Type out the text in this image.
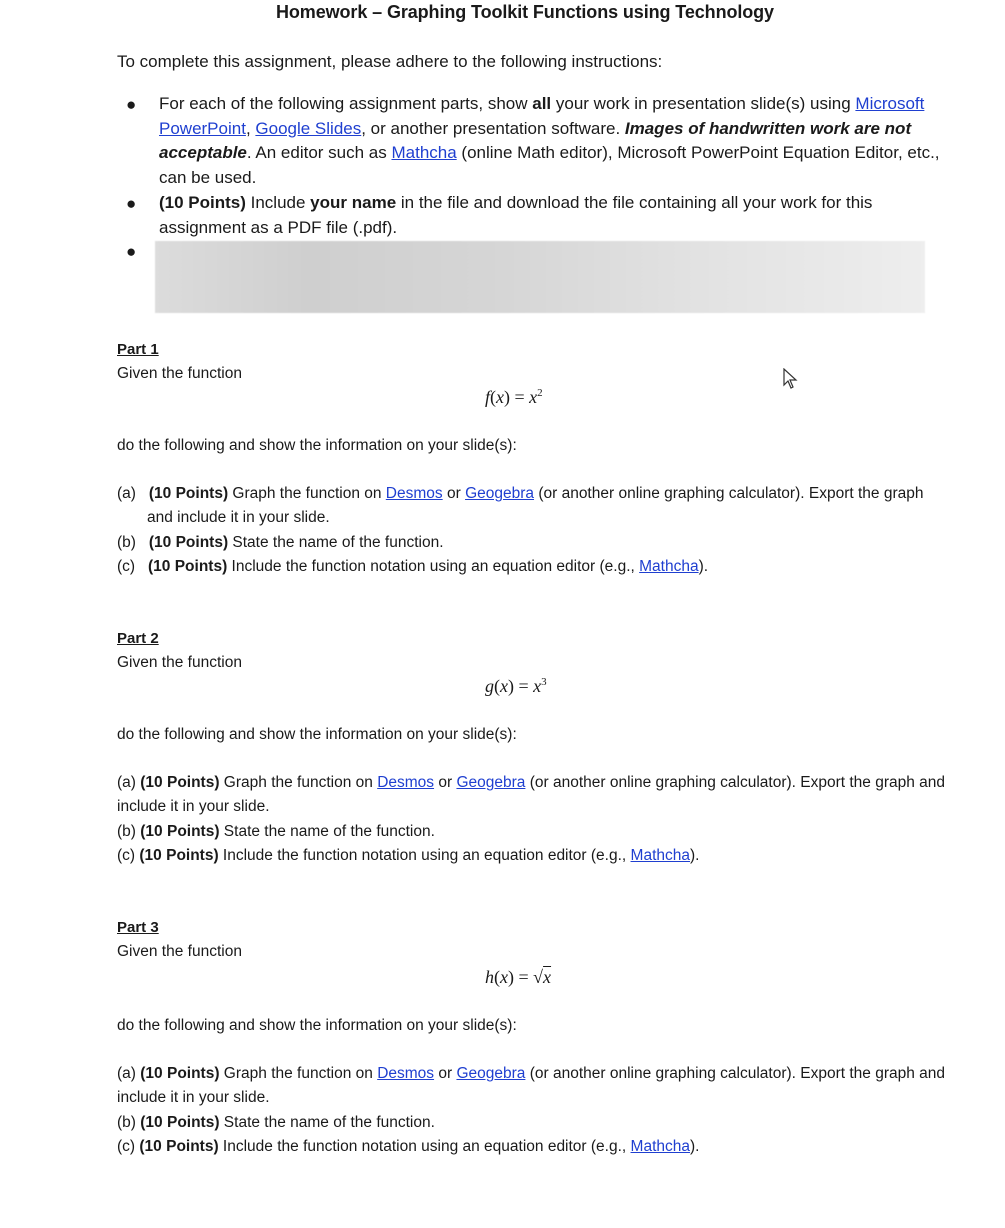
Homework – Graphing Toolkit Functions using Technology
To complete this assignment, please adhere to the following instructions:
● For each of the following assignment parts, show all your work in presentation slide(s) using Microsoft PowerPoint, Google Slides, or another presentation software. Images of handwritten work are not acceptable. An editor such as Mathcha (online Math editor), Microsoft PowerPoint Equation Editor, etc., can be used.
● (10 Points) Include your name in the file and download the file containing all your work for this assignment as a PDF file (.pdf).
●
Part 1
Given the function
$f(x) = x^2$
do the following and show the information on your slide(s):
(a) (10 Points) Graph the function on Desmos or Geogebra (or another online graphing calculator). Export the graph and include it in your slide.
(b) (10 Points) State the name of the function.
(c) (10 Points) Include the function notation using an equation editor (e.g., Mathcha).
Part 2
Given the function
$g(x) = x^3$
do the following and show the information on your slide(s):
(a) (10 Points) Graph the function on Desmos or Geogebra (or another online graphing calculator). Export the graph and include it in your slide.
(b) (10 Points) State the name of the function.
(c) (10 Points) Include the function notation using an equation editor (e.g., Mathcha).
Part 3
Given the function
h(x) = √x
do the following and show the information on your slide(s):
(a) (10 Points) Graph the function on Desmos or Geogebra (or another online graphing calculator). Export the graph and include it in your slide.
(b) (10 Points) State the name of the function.
(c) (10 Points) Include the function notation using an equation editor (e.g., Mathcha).
